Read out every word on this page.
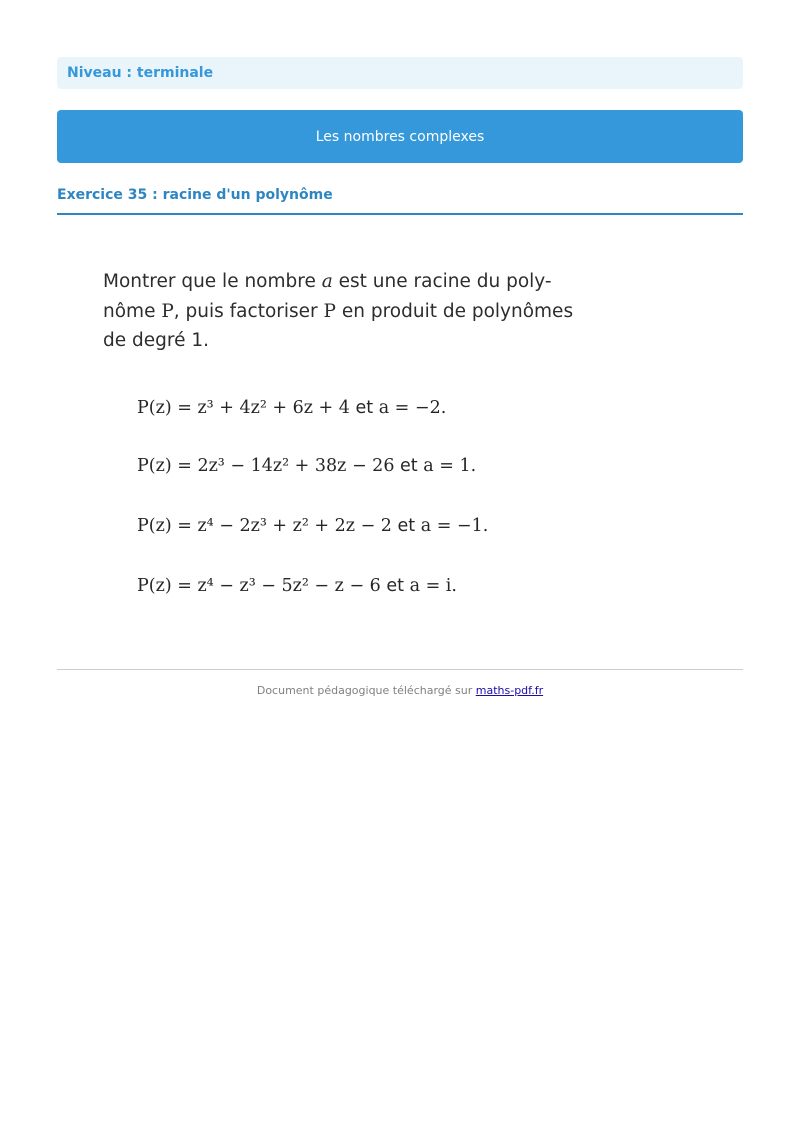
Niveau : terminale
Les nombres complexes
Exercice 35 : racine d'un polynôme
Montrer que le nombre a est une racine du poly-
nôme P, puis factoriser P en produit de polynômes
de degré 1.
P(z) = z³ + 4z² + 6z + 4 et a = −2.
P(z) = 2z³ − 14z² + 38z − 26 et a = 1.
P(z) = z⁴ − 2z³ + z² + 2z − 2 et a = −1.
P(z) = z⁴ − z³ − 5z² − z − 6 et a = i.
Document pédagogique téléchargé sur maths-pdf.fr
